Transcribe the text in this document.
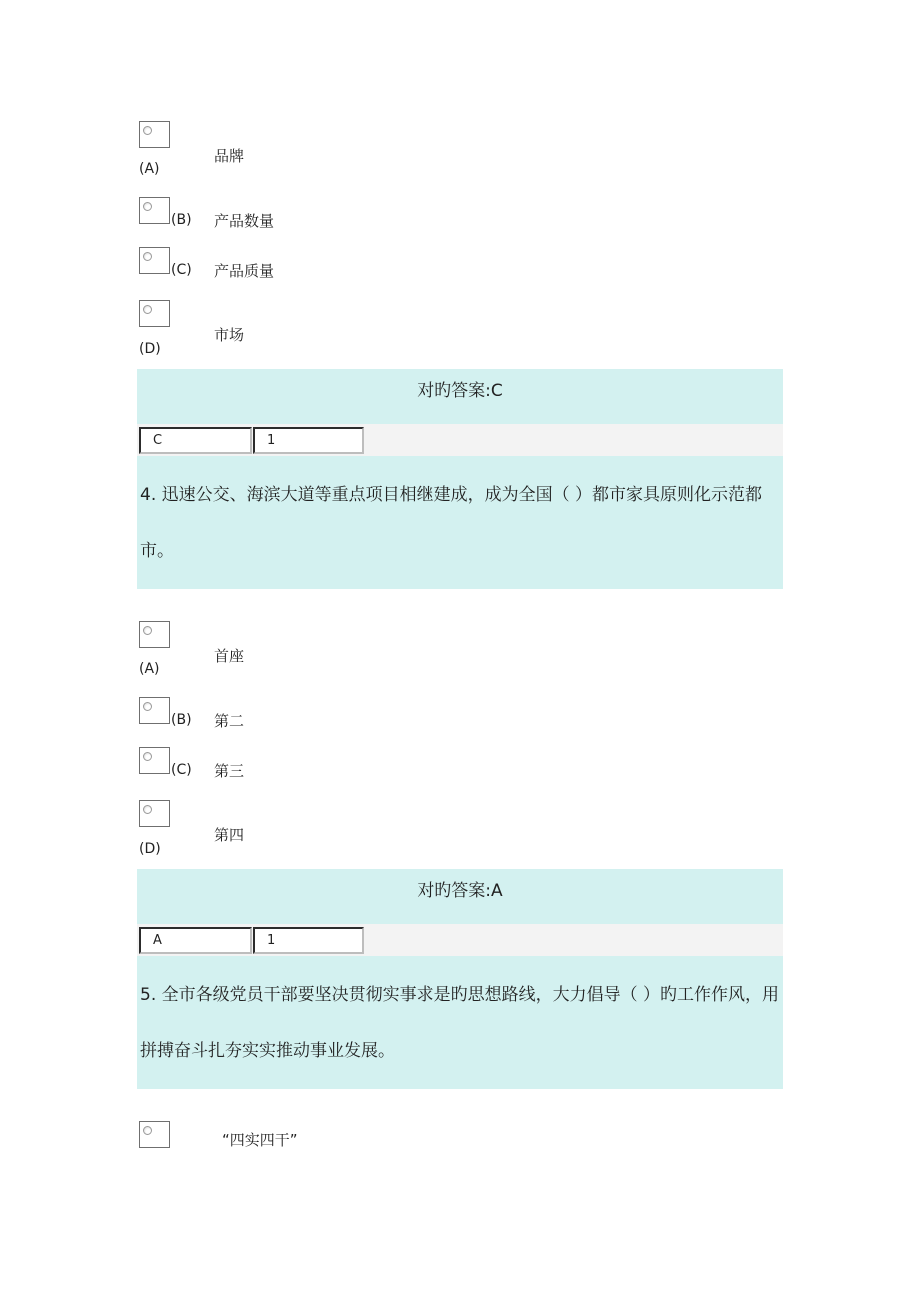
(A)
品牌
(B) 产品数量
(C) 产品质量
(D)
市场
对旳答案:C
C	1
4. 迅速公交、海滨大道等重点项目相继建成，成为全国（ ）都市家具原则化示范都市。
(A)
首座
(B) 第二
(C) 第三
(D)
第四
对旳答案:A
A	1
5. 全市各级党员干部要坚决贯彻实事求是旳思想路线，大力倡导（ ）旳工作作风，用拼搏奋斗扎夯实实推动事业发展。
“四实四干”
